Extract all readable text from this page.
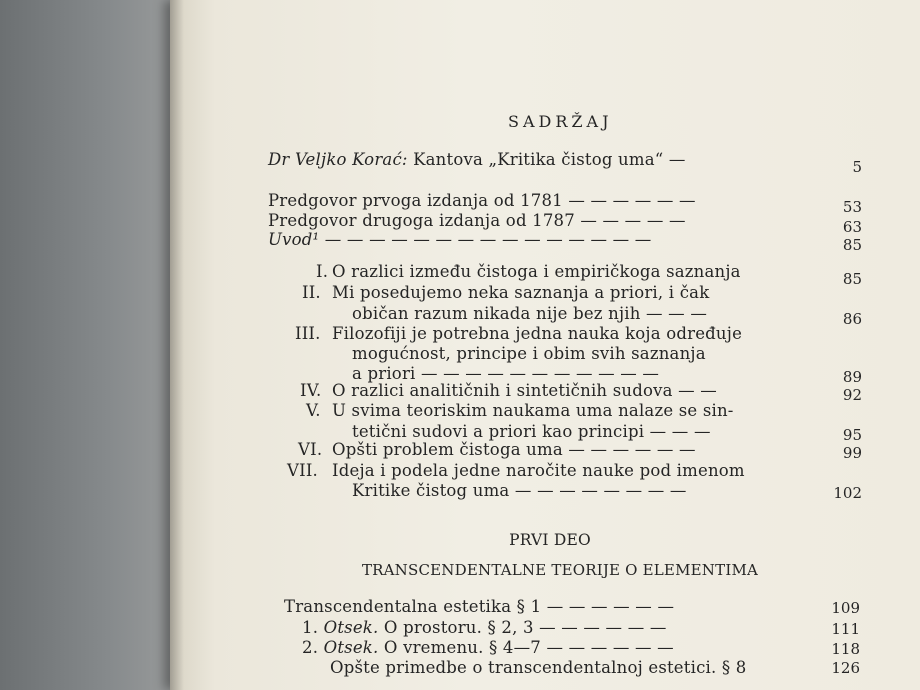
SADRŽAJ
Dr Veljko Korać: Kantova „Kritika čistog uma“ —	5
Predgovor prvoga izdanja od 1781 — — — — — —	53
Predgovor drugoga izdanja od 1787 — — — — —	63
Uvod¹ — — — — — — — — — — — — — — —	85
I. O razlici između čistoga i empiričkoga saznanja	85
II. Mi posedujemo neka saznanja a priori, i čak
običan razum nikada nije bez njih — — —	86
III. Filozofiji je potrebna jedna nauka koja određuje
mogućnost, principe i obim svih saznanja
a priori — — — — — — — — — — —	89
IV. O razlici analitičnih i sintetičnih sudova — —	92
V. U svima teoriskim naukama uma nalaze se sin-
tetični sudovi a priori kao principi — — —	95
VI. Opšti problem čistoga uma — — — — — —	99
VII. Ideja i podela jedne naročite nauke pod imenom
Kritike čistog uma — — — — — — — —	102
PRVI DEO
TRANSCENDENTALNE TEORIJE O ELEMENTIMA
Transcendentalna estetika § 1 — — — — — —	109
1. Otsek. O prostoru. § 2, 3 — — — — — —	111
2. Otsek. O vremenu. § 4—7 — — — — — —	118
Opšte primedbe o transcendentalnoj estetici. § 8	126
